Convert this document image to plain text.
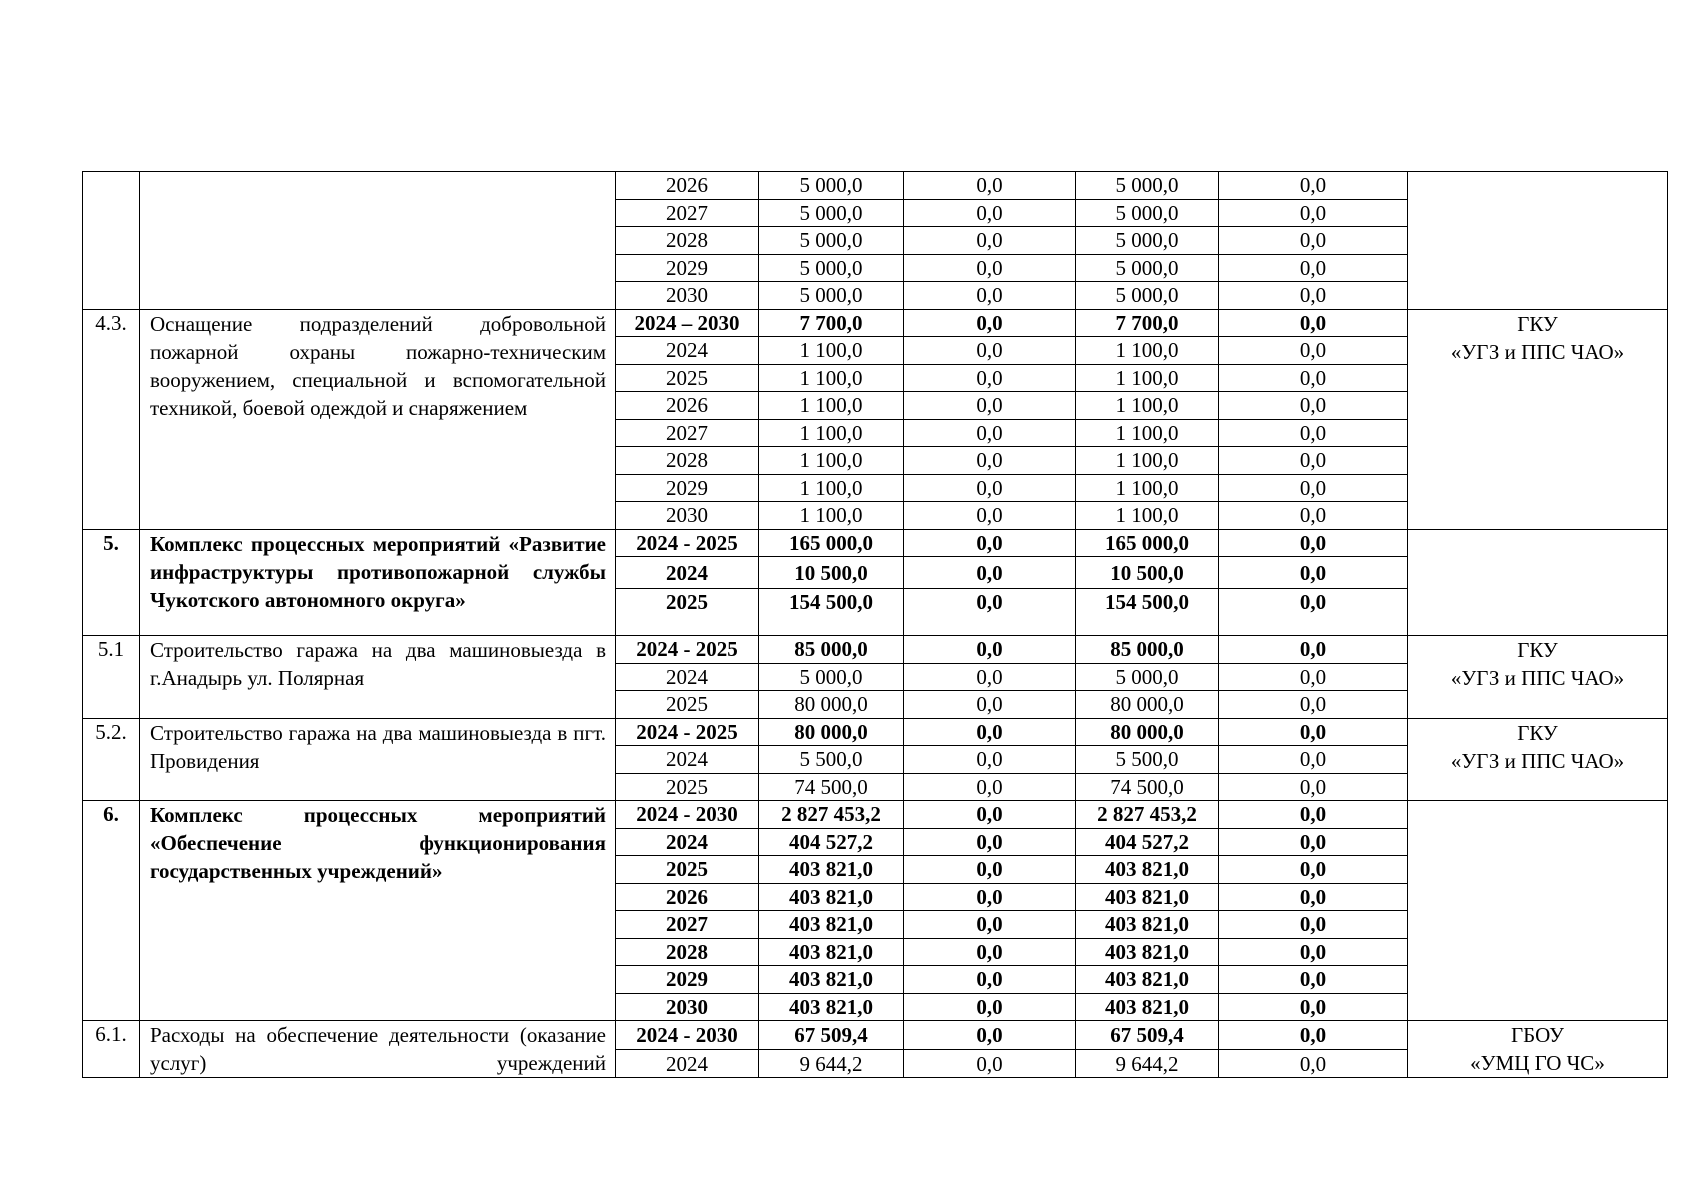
		2026	5 000,0	0,0	5 000,0	0,0	
		2027	5 000,0	0,0	5 000,0	0,0	
		2028	5 000,0	0,0	5 000,0	0,0	
		2029	5 000,0	0,0	5 000,0	0,0	
		2030	5 000,0	0,0	5 000,0	0,0	
4.3.	Оснащение подразделений добровольной пожарной охраны пожарно-техническим вооружением, специальной и вспомогательной техникой, боевой одеждой и снаряжением	2024 – 2030	7 700,0	0,0	7 700,0	0,0	ГКУ
«УГЗ и ППС ЧАО»
		2024	1 100,0	0,0	1 100,0	0,0	
		2025	1 100,0	0,0	1 100,0	0,0	
		2026	1 100,0	0,0	1 100,0	0,0	
		2027	1 100,0	0,0	1 100,0	0,0	
		2028	1 100,0	0,0	1 100,0	0,0	
		2029	1 100,0	0,0	1 100,0	0,0	
		2030	1 100,0	0,0	1 100,0	0,0	
5.	Комплекс процессных мероприятий «Развитие инфраструктуры противопожарной службы Чукотского автономного округа»	2024 - 2025	165 000,0	0,0	165 000,0	0,0	
		2024	10 500,0	0,0	10 500,0	0,0	
		2025	154 500,0	0,0	154 500,0	0,0	
5.1	Строительство гаража на два машиновыезда в г.Анадырь ул. Полярная	2024 - 2025	85 000,0	0,0	85 000,0	0,0	ГКУ
«УГЗ и ППС ЧАО»
		2024	5 000,0	0,0	5 000,0	0,0	
		2025	80 000,0	0,0	80 000,0	0,0	
5.2.	Строительство гаража на два машиновыезда в пгт. Провидения	2024 - 2025	80 000,0	0,0	80 000,0	0,0	ГКУ
«УГЗ и ППС ЧАО»
		2024	5 500,0	0,0	5 500,0	0,0	
		2025	74 500,0	0,0	74 500,0	0,0	
6.	Комплекс процессных мероприятий «Обеспечение функционирования государственных учреждений»	2024 - 2030	2 827 453,2	0,0	2 827 453,2	0,0	
		2024	404 527,2	0,0	404 527,2	0,0	
		2025	403 821,0	0,0	403 821,0	0,0	
		2026	403 821,0	0,0	403 821,0	0,0	
		2027	403 821,0	0,0	403 821,0	0,0	
		2028	403 821,0	0,0	403 821,0	0,0	
		2029	403 821,0	0,0	403 821,0	0,0	
		2030	403 821,0	0,0	403 821,0	0,0	
6.1.	Расходы на обеспечение деятельности (оказание услуг) учреждений	2024 - 2030	67 509,4	0,0	67 509,4	0,0	ГБОУ
«УМЦ ГО ЧС»
		2024	9 644,2	0,0	9 644,2	0,0	
